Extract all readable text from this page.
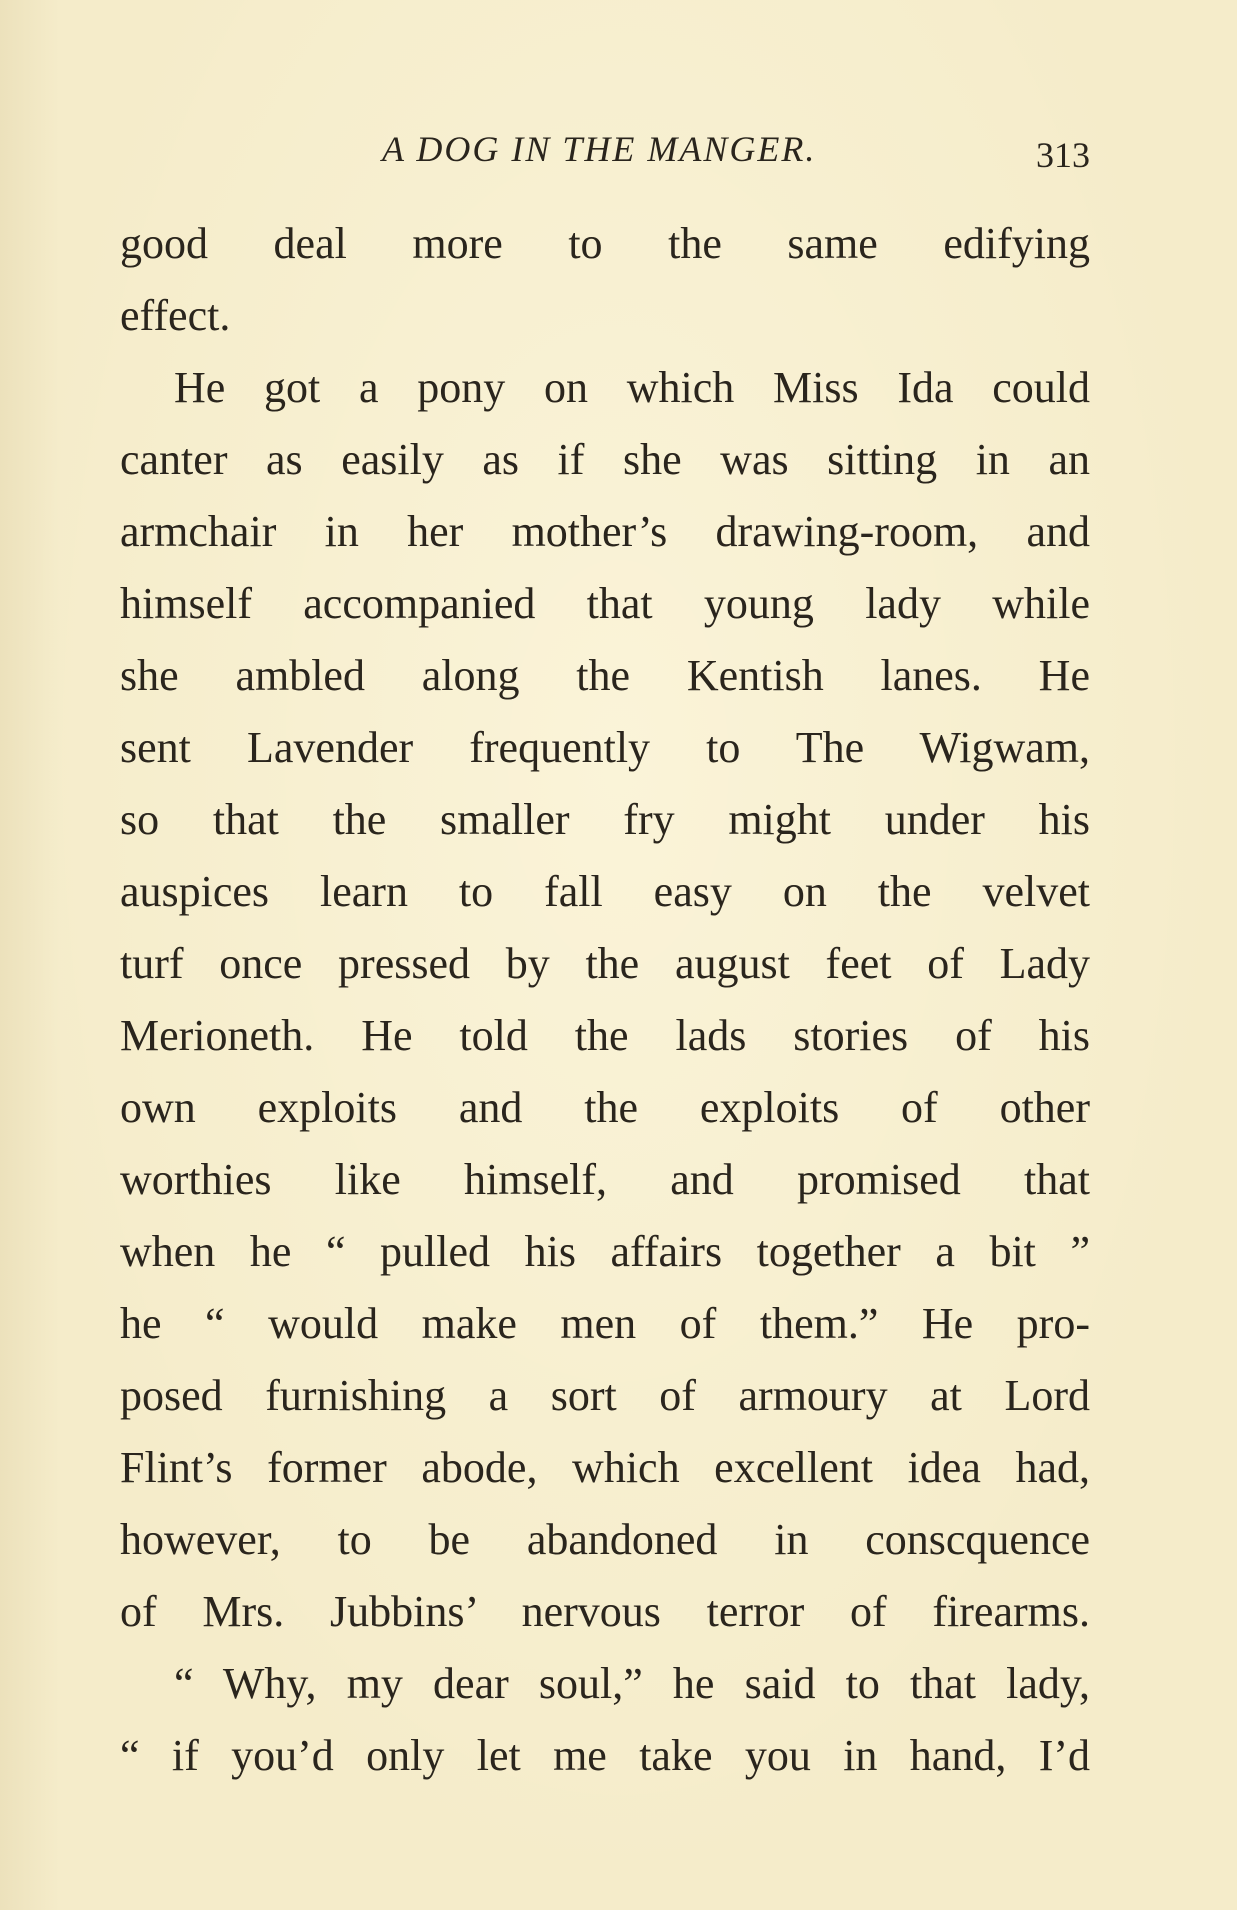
A DOG IN THE MANGER.	313
good deal more to the same edifying
effect.
He got a pony on which Miss Ida could
canter as easily as if she was sitting in an
armchair in her mother’s drawing-room, and
himself accompanied that young lady while
she ambled along the Kentish lanes. He
sent Lavender frequently to The Wigwam,
so that the smaller fry might under his
auspices learn to fall easy on the velvet
turf once pressed by the august feet of Lady
Merioneth. He told the lads stories of his
own exploits and the exploits of other
worthies like himself, and promised that
when he “ pulled his affairs together a bit ”
he “ would make men of them.” He pro-
posed furnishing a sort of armoury at Lord
Flint’s former abode, which excellent idea had,
however, to be abandoned in conscquence
of Mrs. Jubbins’ nervous terror of firearms.
“ Why, my dear soul,” he said to that lady,
“ if you’d only let me take you in hand, I’d
